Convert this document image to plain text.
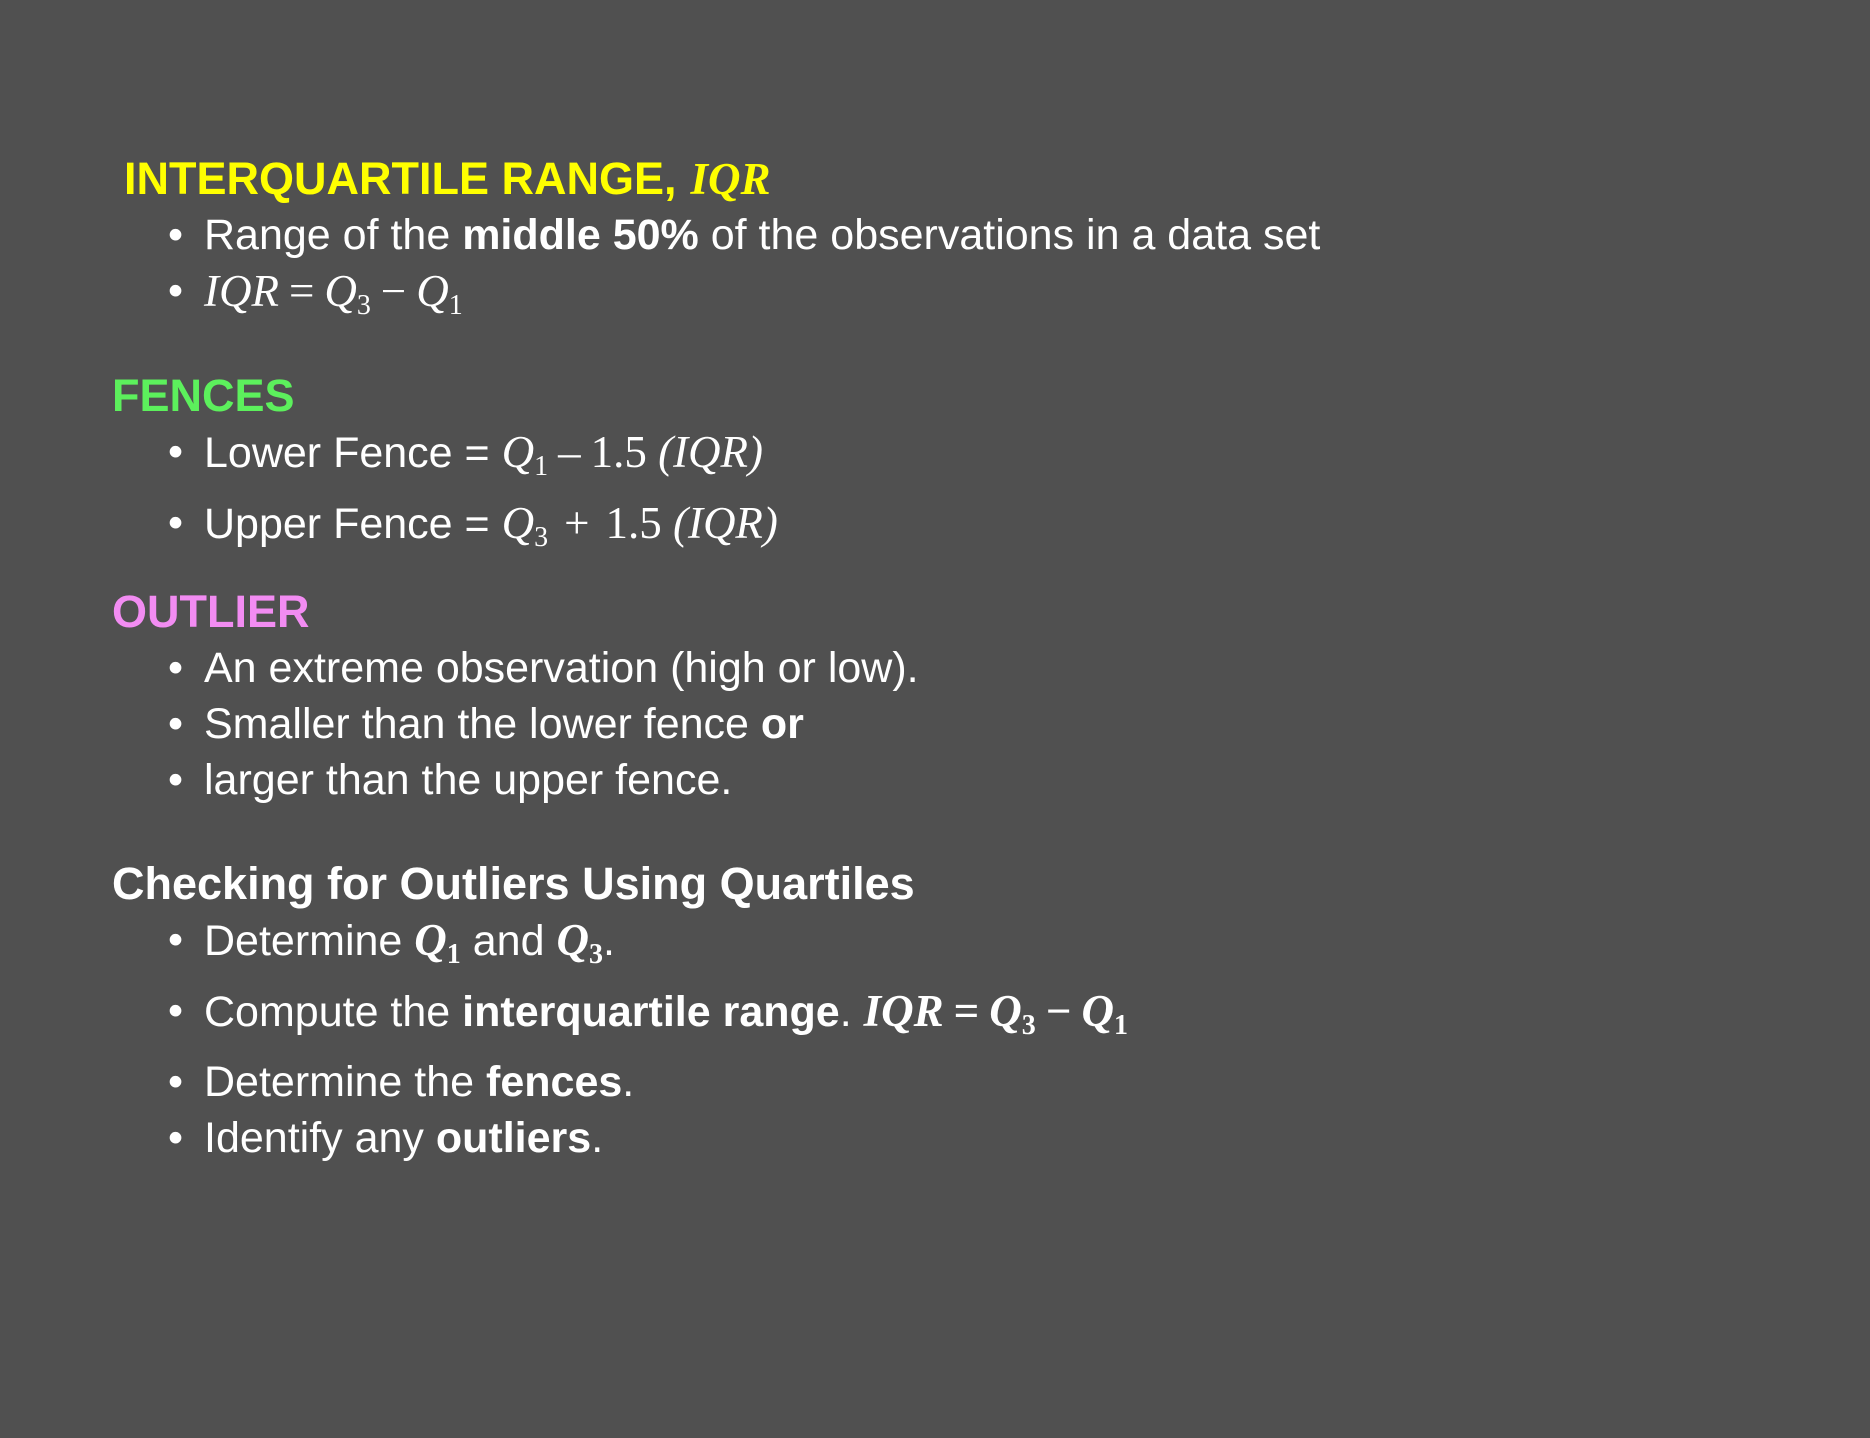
INTERQUARTILE RANGE, IQR
• Range of the middle 50% of the observations in a data set
• IQR = $Q_3 - Q_1$
FENCES
• Lower Fence = $Q_1 - 1.5$ (IQR)
• Upper Fence = $Q_3 + 1.5$ (IQR)
OUTLIER
• An extreme observation (high or low).
• Smaller than the lower fence or
• larger than the upper fence.
Checking for Outliers Using Quartiles
• Determine $Q_1$ and $Q_3$.
• Compute the interquartile range. IQR = $Q_3 - Q_1$
• Determine the fences.
• Identify any outliers.
